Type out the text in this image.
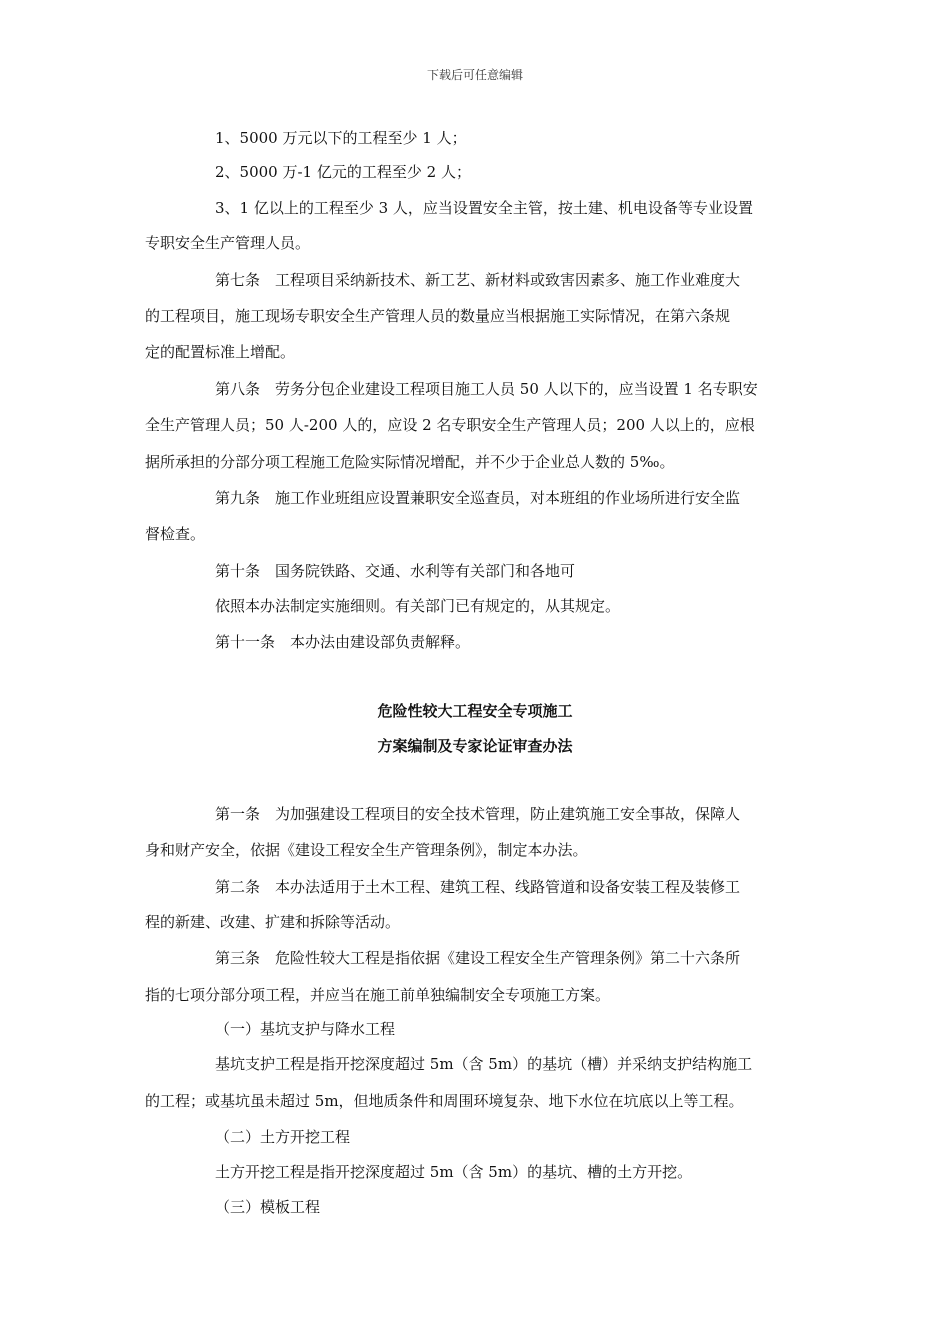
下载后可任意编辑
1、5000 万元以下的工程至少 1 人；
2、5000 万-1 亿元的工程至少 2 人；
3、1 亿以上的工程至少 3 人，应当设置安全主管，按土建、机电设备等专业设置
专职安全生产管理人员。
第七条　工程项目采纳新技术、新工艺、新材料或致害因素多、施工作业难度大
的工程项目，施工现场专职安全生产管理人员的数量应当根据施工实际情况，在第六条规
定的配置标准上增配。
第八条　劳务分包企业建设工程项目施工人员 50 人以下的，应当设置 1 名专职安
全生产管理人员；50 人-200 人的，应设 2 名专职安全生产管理人员；200 人以上的，应根
据所承担的分部分项工程施工危险实际情况增配，并不少于企业总人数的 5‰。
第九条　施工作业班组应设置兼职安全巡查员，对本班组的作业场所进行安全监
督检查。
第十条　国务院铁路、交通、水利等有关部门和各地可
依照本办法制定实施细则。有关部门已有规定的，从其规定。
第十一条　本办法由建设部负责解释。
危险性较大工程安全专项施工
方案编制及专家论证审查办法
第一条　为加强建设工程项目的安全技术管理，防止建筑施工安全事故，保障人
身和财产安全，依据《建设工程安全生产管理条例》，制定本办法。
第二条　本办法适用于土木工程、建筑工程、线路管道和设备安装工程及装修工
程的新建、改建、扩建和拆除等活动。
第三条　危险性较大工程是指依据《建设工程安全生产管理条例》第二十六条所
指的七项分部分项工程，并应当在施工前单独编制安全专项施工方案。
（一）基坑支护与降水工程
基坑支护工程是指开挖深度超过 5m（含 5m）的基坑（槽）并采纳支护结构施工
的工程；或基坑虽未超过 5m，但地质条件和周围环境复杂、地下水位在坑底以上等工程。
（二）土方开挖工程
土方开挖工程是指开挖深度超过 5m（含 5m）的基坑、槽的土方开挖。
（三）模板工程
